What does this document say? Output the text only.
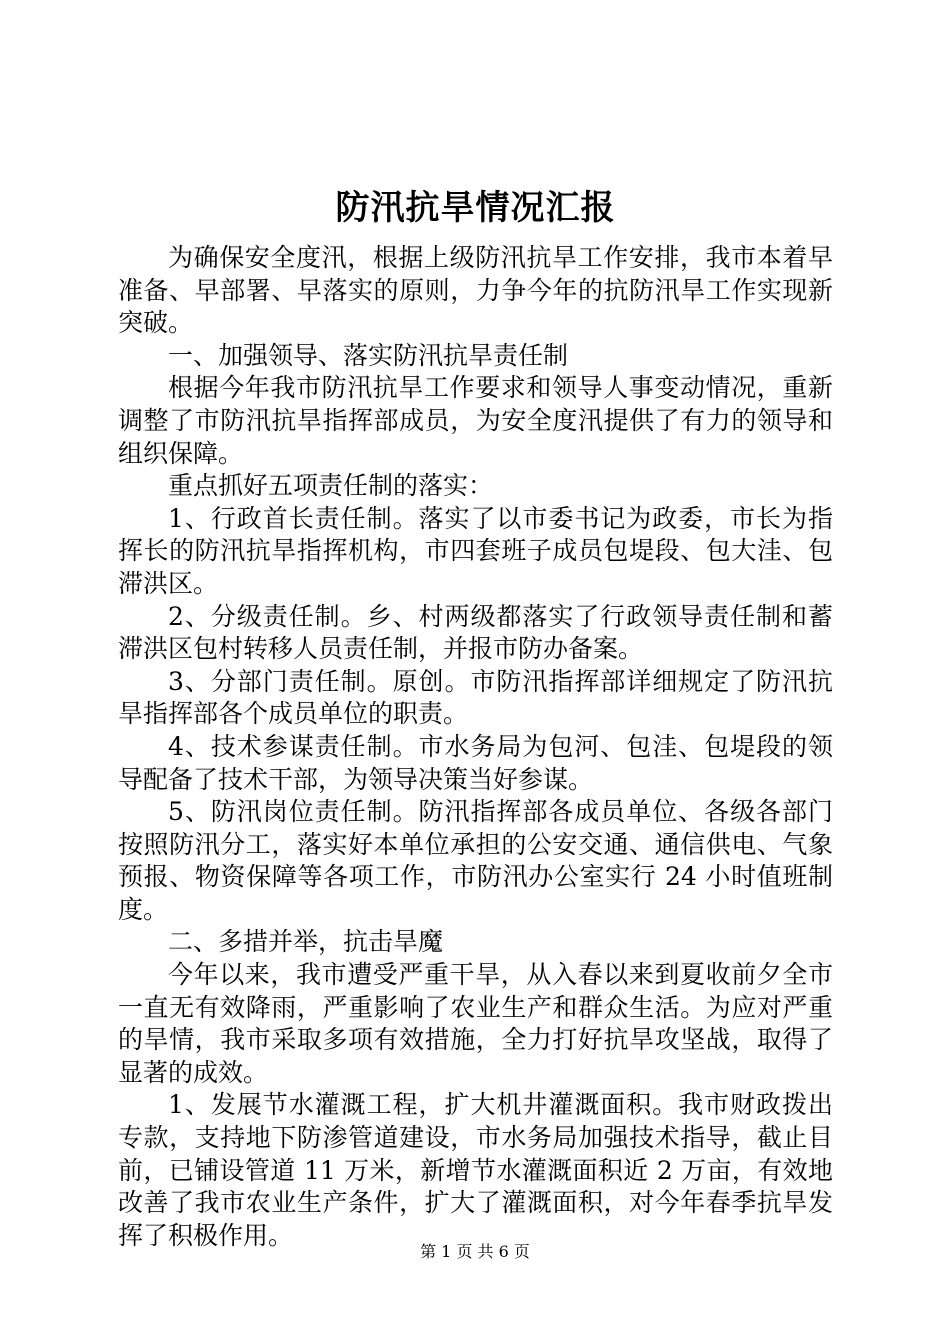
防汛抗旱情况汇报

为确保安全度汛，根据上级防汛抗旱工作安排，我市本着早准备、早部署、早落实的原则，力争今年的抗防汛旱工作实现新突破。

一、加强领导、落实防汛抗旱责任制

根据今年我市防汛抗旱工作要求和领导人事变动情况，重新调整了市防汛抗旱指挥部成员，为安全度汛提供了有力的领导和组织保障。

重点抓好五项责任制的落实：

1、行政首长责任制。落实了以市委书记为政委，市长为指挥长的防汛抗旱指挥机构，市四套班子成员包堤段、包大洼、包滞洪区。

2、分级责任制。乡、村两级都落实了行政领导责任制和蓄滞洪区包村转移人员责任制，并报市防办备案。

3、分部门责任制。原创。市防汛指挥部详细规定了防汛抗旱指挥部各个成员单位的职责。

4、技术参谋责任制。市水务局为包河、包洼、包堤段的领导配备了技术干部，为领导决策当好参谋。

5、防汛岗位责任制。防汛指挥部各成员单位、各级各部门按照防汛分工，落实好本单位承担的公安交通、通信供电、气象预报、物资保障等各项工作，市防汛办公室实行 24 小时值班制度。

二、多措并举，抗击旱魔

今年以来，我市遭受严重干旱，从入春以来到夏收前夕全市一直无有效降雨，严重影响了农业生产和群众生活。为应对严重的旱情，我市采取多项有效措施，全力打好抗旱攻坚战，取得了显著的成效。

1、发展节水灌溉工程，扩大机井灌溉面积。我市财政拨出专款，支持地下防渗管道建设，市水务局加强技术指导，截止目前，已铺设管道 11 万米，新增节水灌溉面积近 2 万亩，有效地改善了我市农业生产条件，扩大了灌溉面积，对今年春季抗旱发挥了积极作用。

第 1 页 共 6 页
